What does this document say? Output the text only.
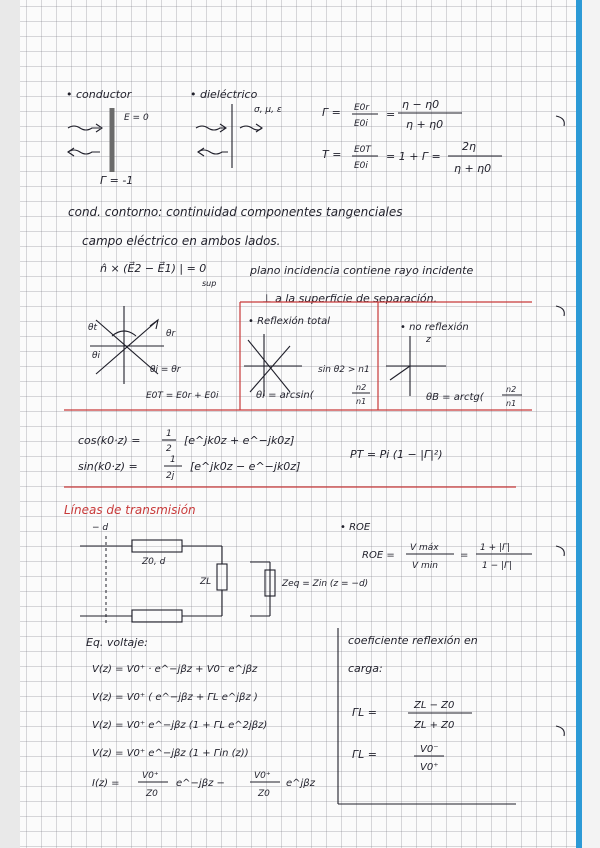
• conductor	• dieléctrico
E = 0
σ, μ, ε
Γ = -1
Γ = E0r
E0i
=
η − η0
η + η0
T = E0T
E0i
= 1 + Γ =
2η
η + η0
cond. contorno: continuidad componentes tangenciales
campo eléctrico en ambos lados.
n̂ × (E⃗2 − E⃗1) | = 0
sup
plano incidencia contiene rayo incidente
⊥ a la superficie de separación.
θt
θr
θi
θi = θr
E0T = E0r + E0i
• Reflexión total
sin θ2 > n1
θi = arcsin(
n2
n1
• no reflexión
z
θB = arctg(
n2
n1
cos(k0·z) =	1
2
[e^jk0z + e^−jk0z]
sin(k0·z) =	1
2j
[e^jk0z − e^−jk0z]
PT = Pi (1 − |Γ|²)
Líneas de transmisión
− d
Z0, d
ZL	Zeq = Zin (z = −d)
• ROE
ROE =
V máx
V min
=
1 + |Γ|
1 − |Γ|
Eq. voltaje:
V(z) = V0⁺ · e^−jβz + V0⁻ e^jβz
V(z) = V0⁺ ( e^−jβz + ΓL e^jβz )
V(z) = V0⁺ e^−jβz (1 + ΓL e^2jβz)
V(z) = V0⁺ e^−jβz (1 + Γin (z))
I(z) =
V0⁺
Z0
e^−jβz −
V0⁺
Z0
e^jβz
coeficiente reflexión en
carga:
ΓL =
ZL − Z0
ZL + Z0
ΓL =	V0⁻
V0⁺
